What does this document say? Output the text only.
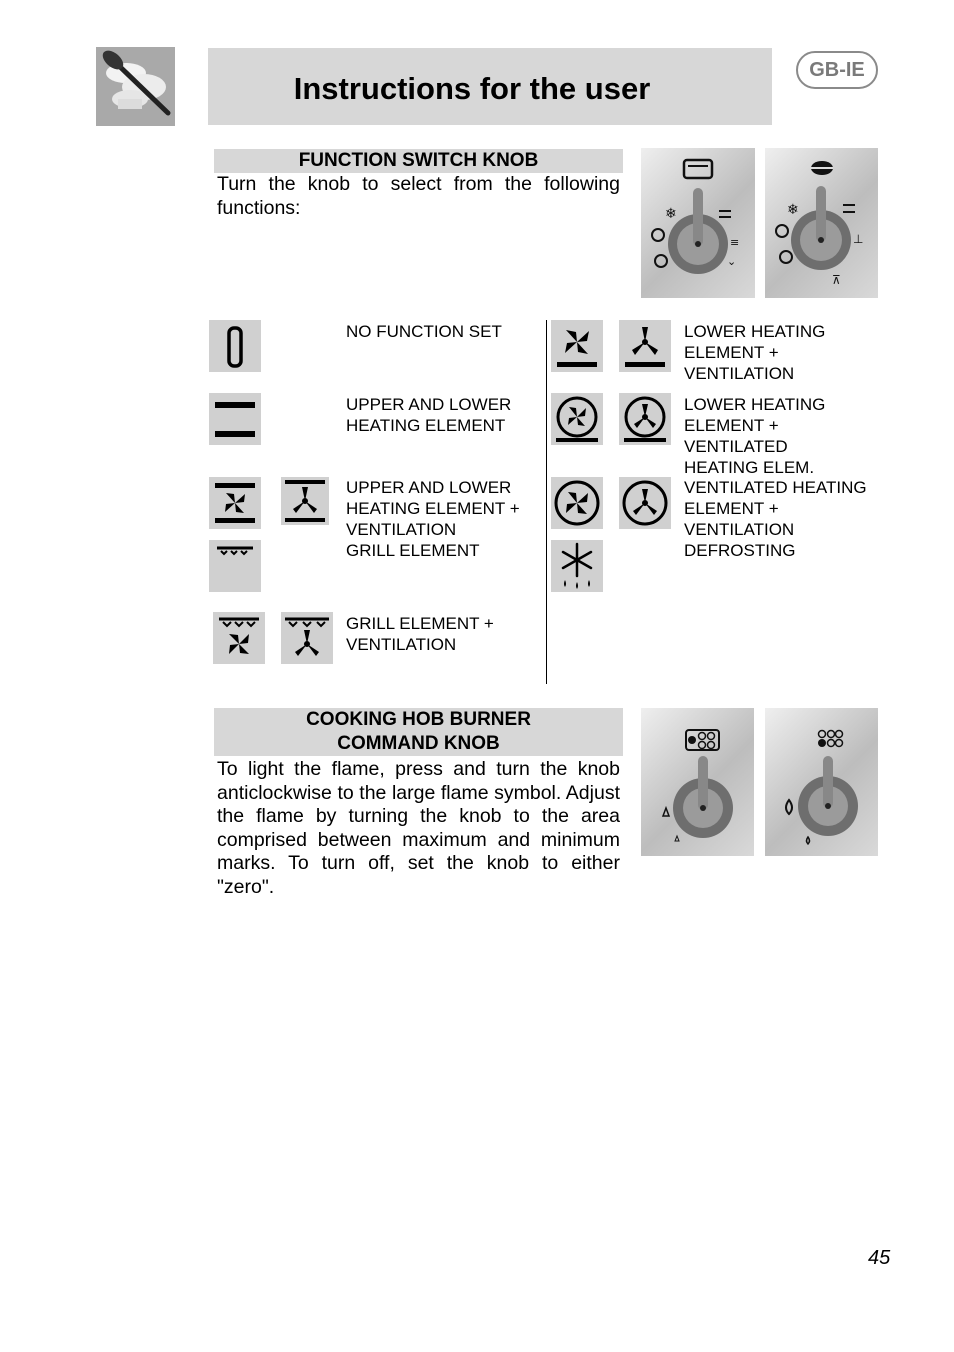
Instructions for the user
GB-IE
FUNCTION SWITCH KNOB
Turn the knob to select from the following functions:	❄
≡
⌄
❄
⊥
⊼
NO FUNCTION SET
UPPER AND LOWER HEATING ELEMENT
UPPER AND LOWER HEATING ELEMENT + VENTILATION
GRILL ELEMENT
GRILL ELEMENT + VENTILATION
LOWER HEATING ELEMENT + VENTILATION
LOWER HEATING ELEMENT + VENTILATED HEATING ELEM.
VENTILATED HEATING ELEMENT + VENTILATION
DEFROSTING
COOKING HOB BURNER
COMMAND KNOB
To light the flame, press and turn the knob anticlockwise to the large flame symbol. Adjust the flame by turning the knob to the area comprised between maximum and minimum marks. To turn off, set the knob to either "zero".
45
